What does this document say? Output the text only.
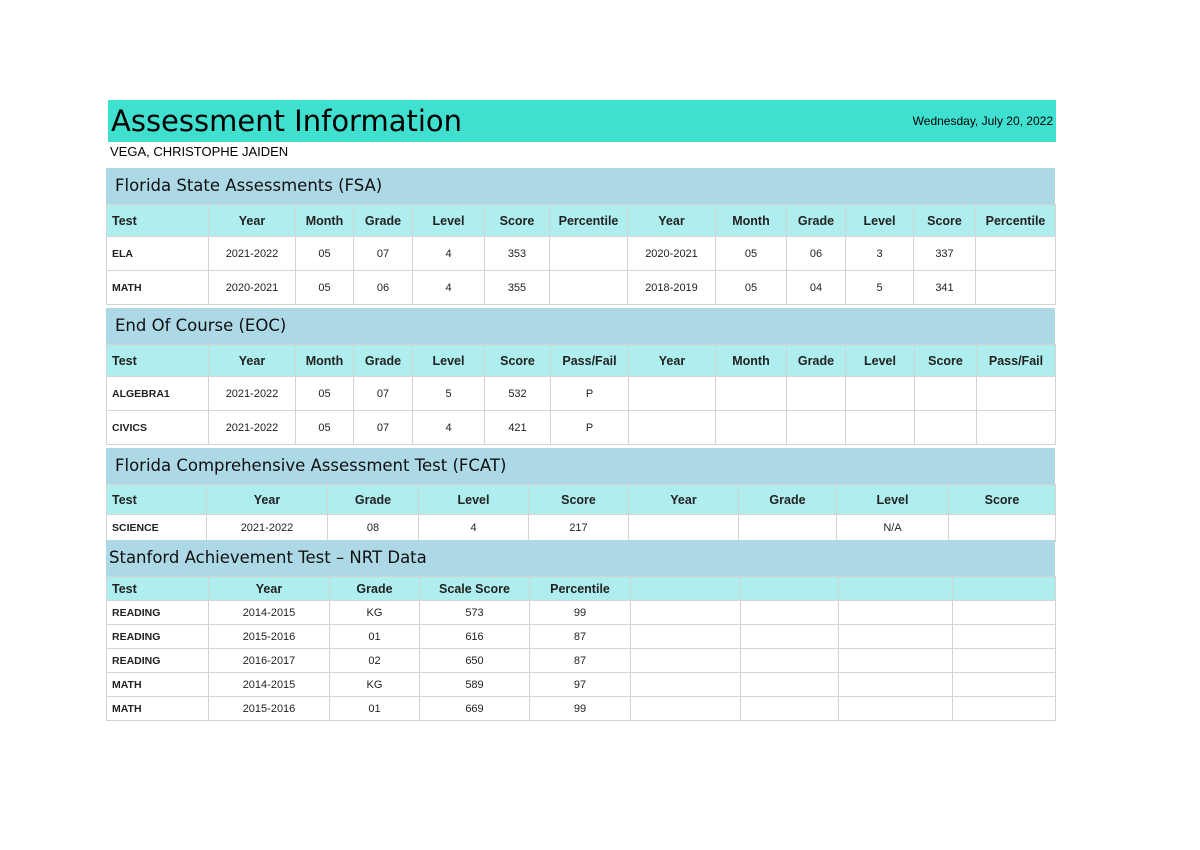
Assessment Information	Wednesday, July 20, 2022
VEGA, CHRISTOPHE JAIDEN
Florida State Assessments (FSA)
Test	Year	Month	Grade	Level	Score	Percentile	Year	Month	Grade	Level	Score	Percentile
ELA	2021-2022	05	07	4	353		2020-2021	05	06	3	337	
MATH	2020-2021	05	06	4	355		2018-2019	05	04	5	341	
End Of Course (EOC)
Test	Year	Month	Grade	Level	Score	Pass/Fail	Year	Month	Grade	Level	Score	Pass/Fail
ALGEBRA1	2021-2022	05	07	5	532	P						
CIVICS	2021-2022	05	07	4	421	P						
Florida Comprehensive Assessment Test (FCAT)
Test	Year	Grade	Level	Score	Year	Grade	Level	Score
SCIENCE	2021-2022	08	4	217			N/A	
Stanford Achievement Test – NRT Data
Test	Year	Grade	Scale Score	Percentile				
READING	2014-2015	KG	573	99				
READING	2015-2016	01	616	87				
READING	2016-2017	02	650	87				
MATH	2014-2015	KG	589	97				
MATH	2015-2016	01	669	99				
